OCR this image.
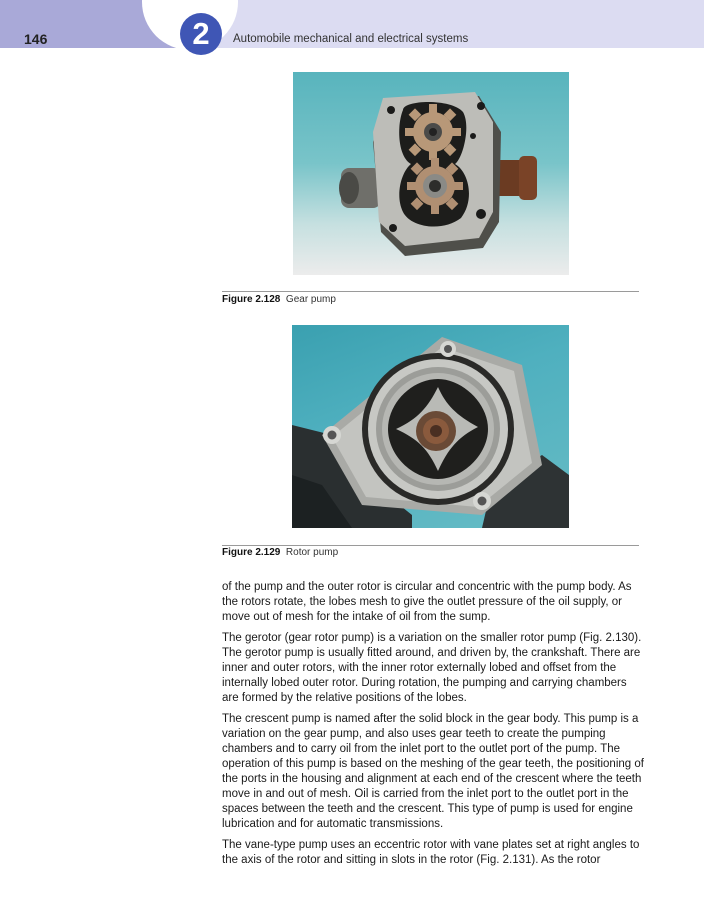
146	2	Automobile mechanical and electrical systems
Figure 2.128 Gear pump
Figure 2.129 Rotor pump

of the pump and the outer rotor is circular and concentric with the pump body. As the rotors rotate, the lobes mesh to give the outlet pressure of the oil supply, or move out of mesh for the intake of oil from the sump.

The gerotor (gear rotor pump) is a variation on the smaller rotor pump (Fig. 2.130). The gerotor pump is usually fitted around, and driven by, the crankshaft. There are inner and outer rotors, with the inner rotor externally lobed and offset from the internally lobed outer rotor. During rotation, the pumping and carrying chambers are formed by the relative positions of the lobes.

The crescent pump is named after the solid block in the gear body. This pump is a variation on the gear pump, and also uses gear teeth to create the pumping chambers and to carry oil from the inlet port to the outlet port of the pump. The operation of this pump is based on the meshing of the gear teeth, the positioning of the ports in the housing and alignment at each end of the crescent where the teeth move in and out of mesh. Oil is carried from the inlet port to the outlet port in the spaces between the teeth and the crescent. This type of pump is used for engine lubrication and for automatic transmissions.

The vane-type pump uses an eccentric rotor with vane plates set at right angles to the axis of the rotor and sitting in slots in the rotor (Fig. 2.131). As the rotor
